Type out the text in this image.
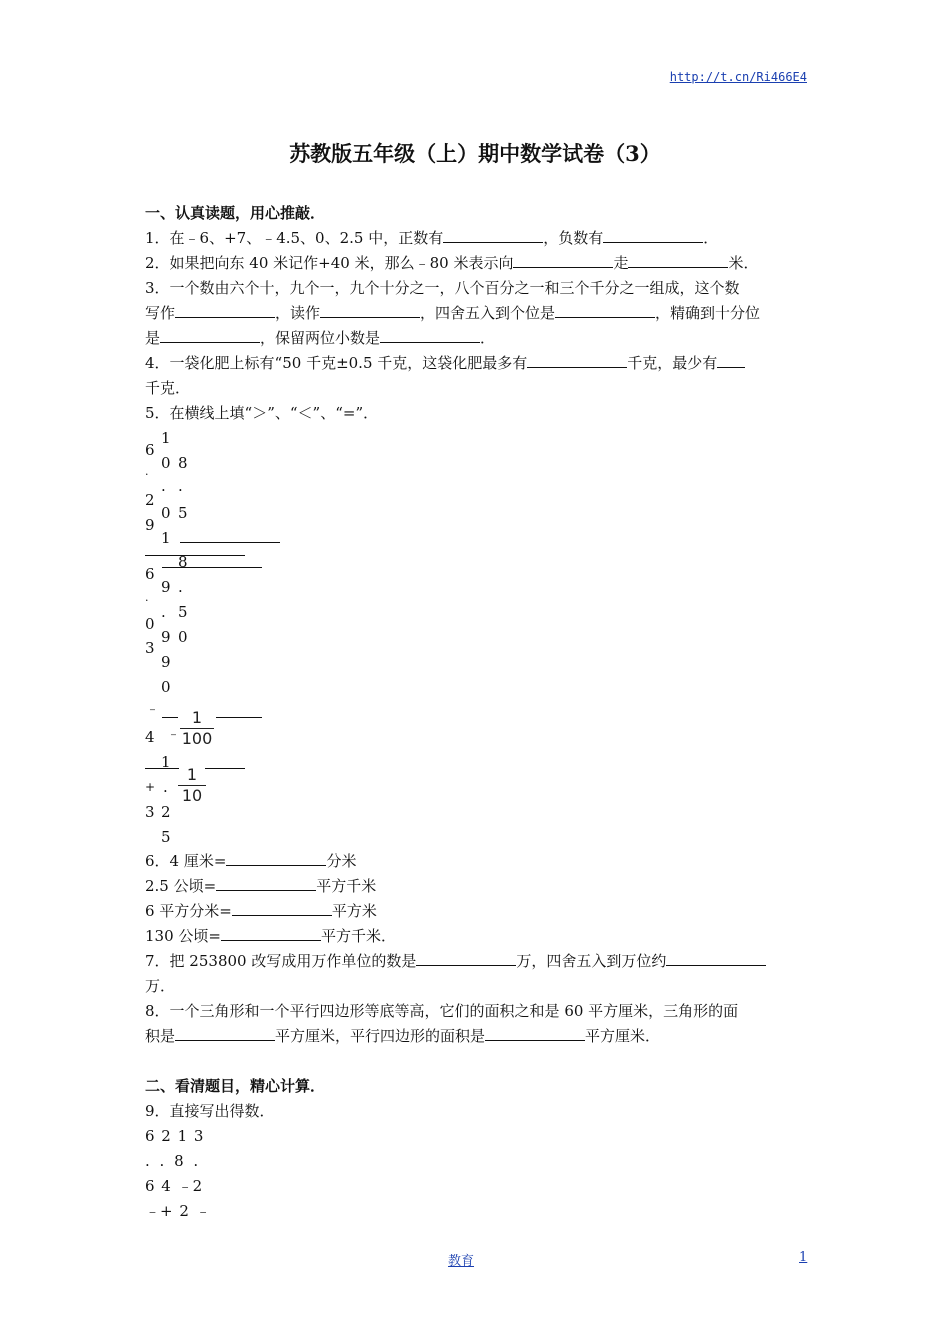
http://t.cn/Ri466E4
苏教版五年级（上）期中数学试卷（3）
一、认真读题，用心推敲．
1．在﹣6、+7、﹣4.5、0、2.5 中，正数有	，负数有	．
2．如果把向东 40 米记作+40 米，那么﹣80 米表示向	走	米．
3．一个数由六个十，九个一，九个十分之一，八个百分之一和三个千分之一组成，这个数
写作	，读作	，四舍五入到个位是	，精确到十分位
是	，保留两位小数是	．
4．一袋化肥上标有“50 千克±0.5 千克，这袋化肥最多有	千克，最少有
千克．
5．在横线上填“＞”、“＜”、“=”．
6
.
2
9
1
0
.
0
1
8
.
5
8
6
.
0
3
9
.
9
9
0
.
5
0
﹣	1
100
4 ﹣
1
1
10
+ .
3 2
5
6．4 厘米=	分米
2.5 公顷=	平方千米
6 平方分米=	平方米
130 公顷=	平方千米．
7．把 253800 改写成用万作单位的数是	万，四舍五入到万位约
万．
8．一个三角形和一个平行四边形等底等高，它们的面积之和是 60 平方厘米，三角形的面
积是	平方厘米，平行四边形的面积是	平方厘米．
二、看清题目，精心计算．
9．直接写出得数．
6 2 1 3
. . 8 .
6 4 ﹣2
﹣+ 2 ﹣
教育	1
